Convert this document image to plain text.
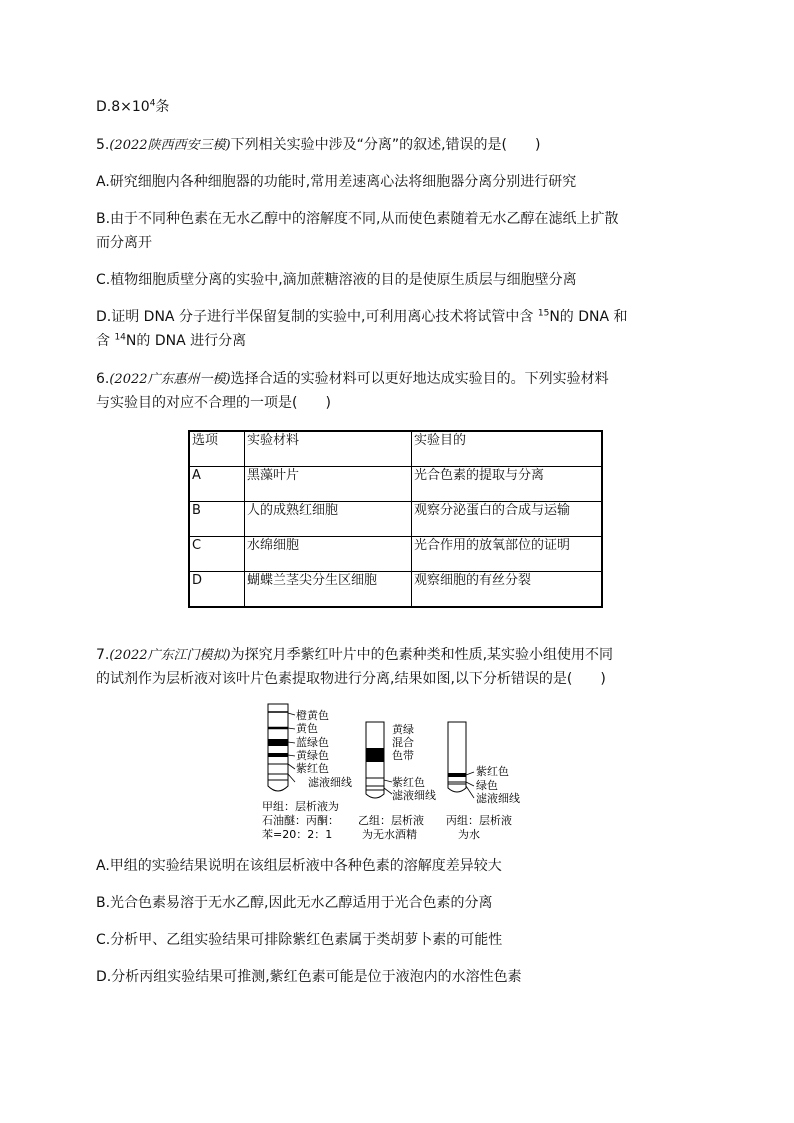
$D.8\times 10^4$条
5.(2022陕西西安三模)下列相关实验中涉及“分离”的叙述,错误的是(　　)
A.研究细胞内各种细胞器的功能时,常用差速离心法将细胞器分离分别进行研究
B.由于不同种色素在无水乙醇中的溶解度不同,从而使色素随着无水乙醇在滤纸上扩散
而分离开
C.植物细胞质壁分离的实验中,滴加蔗糖溶液的目的是使原生质层与细胞壁分离
D.证明 DNA 分子进行半保留复制的实验中,可利用离心技术将试管中含 $^{15}$N的 DNA 和
含 $^{14}$N的 DNA 进行分离
6.(2022广东惠州一模)选择合适的实验材料可以更好地达成实验目的。下列实验材料
与实验目的对应不合理的一项是(　　)
选项	实验材料	实验目的
A	黑藻叶片	光合色素的提取与分离
B	人的成熟红细胞	观察分泌蛋白的合成与运输
C	水绵细胞	光合作用的放氧部位的证明
D	蝴蝶兰茎尖分生区细胞	观察细胞的有丝分裂
7.(2022广东江门模拟)为探究月季紫红叶片中的色素种类和性质,某实验小组使用不同
的试剂作为层析液对该叶片色素提取物进行分离,结果如图,以下分析错误的是(　　)
橙黄色
黄色
蓝绿色
黄绿色
紫红色
滤液细线
黄绿
混合
色带
紫红色
滤液细线
紫红色
绿色
滤液细线
甲组：层析液为
石油醚：丙酮：
苯=20：2：1
乙组：层析液
为无水酒精
丙组：层析液
为水
A.甲组的实验结果说明在该组层析液中各种色素的溶解度差异较大
B.光合色素易溶于无水乙醇,因此无水乙醇适用于光合色素的分离
C.分析甲、乙组实验结果可排除紫红色素属于类胡萝卜素的可能性
D.分析丙组实验结果可推测,紫红色素可能是位于液泡内的水溶性色素
